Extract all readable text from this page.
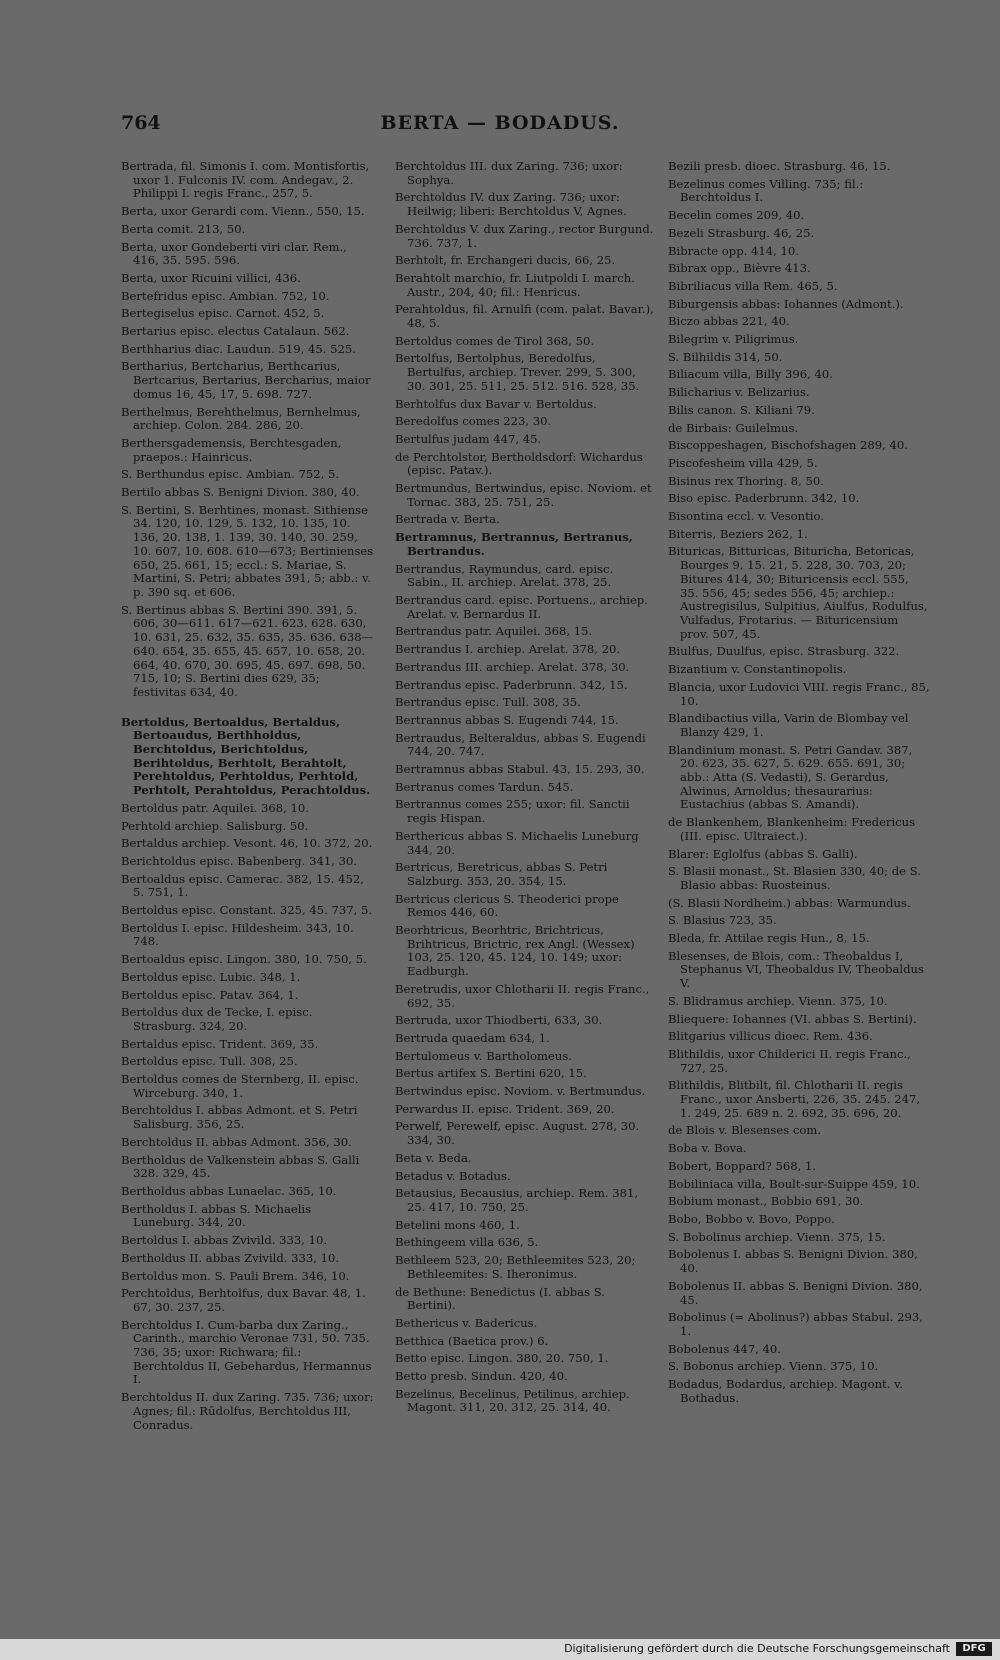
764	BERTA — BODADUS.
Bertrada, fil. Simonis I. com. Montisfortis, uxor 1. Fulconis IV. com. Andegav., 2. Philippi I. regis Franc., 257, 5.
Berta, uxor Gerardi com. Vienn., 550, 15.
Berta comit. 213, 50.
Berta, uxor Gondeberti viri clar. Rem., 416, 35. 595. 596.
Berta, uxor Ricuini villici, 436.
Bertefridus episc. Ambian. 752, 10.
Bertegiselus episc. Carnot. 452, 5.
Bertarius episc. electus Catalaun. 562.
Berthharius diac. Laudun. 519, 45. 525.
Bertharius, Bertcharius, Berthcarius, Bertcarius, Bertarius, Bercharius, maior domus 16, 45, 17, 5. 698. 727.
Berthelmus, Berehthelmus, Bernhelmus, archiep. Colon. 284. 286, 20.
Berthersgademensis, Berchtesgaden, praepos.: Hainricus.
S. Berthundus episc. Ambian. 752, 5.
Bertilo abbas S. Benigni Divion. 380, 40.
S. Bertini, S. Berhtines, monast. Sithiense 34. 120, 10. 129, 5. 132, 10. 135, 10. 136, 20. 138, 1. 139, 30. 140, 30. 259, 10. 607, 10. 608. 610—673; Bertinienses 650, 25. 661, 15; eccl.: S. Mariae, S. Martini, S. Petri; abbates 391, 5; abb.: v. p. 390 sq. et 606.
S. Bertinus abbas S. Bertini 390. 391, 5. 606, 30—611. 617—621. 623. 628. 630, 10. 631, 25. 632, 35. 635, 35. 636. 638—640. 654, 35. 655, 45. 657, 10. 658, 20. 664, 40. 670, 30. 695, 45. 697. 698, 50. 715, 10; S. Bertini dies 629, 35; festivitas 634, 40.
Bertoldus, Bertoaldus, Bertaldus, Bertoaudus, Berthholdus, Berchtoldus, Berichtoldus, Berihtoldus, Berhtolt, Berahtolt, Perehtoldus, Perhtoldus, Perhtold, Perhtolt, Perahtoldus, Perachtoldus.
Bertoldus patr. Aquilei. 368, 10.
Perhtold archiep. Salisburg. 50.
Bertaldus archiep. Vesont. 46, 10. 372, 20.
Berichtoldus episc. Babenberg. 341, 30.
Bertoaldus episc. Camerac. 382, 15. 452, 5. 751, 1.
Bertoldus episc. Constant. 325, 45. 737, 5.
Bertoldus I. episc. Hildesheim. 343, 10. 748.
Bertoaldus episc. Lingon. 380, 10. 750, 5.
Bertoldus episc. Lubic. 348, 1.
Bertoldus episc. Patav. 364, 1.
Bertoldus dux de Tecke, I. episc. Strasburg. 324, 20.
Bertaldus episc. Trident. 369, 35.
Bertoldus episc. Tull. 308, 25.
Bertoldus comes de Sternberg, II. episc. Wirceburg. 340, 1.
Berchtoldus I. abbas Admont. et S. Petri Salisburg. 356, 25.
Berchtoldus II. abbas Admont. 356, 30.
Bertholdus de Valkenstein abbas S. Galli 328. 329, 45.
Bertholdus abbas Lunaelac. 365, 10.
Bertholdus I. abbas S. Michaelis Luneburg. 344, 20.
Bertoldus I. abbas Zvivild. 333, 10.
Bertholdus II. abbas Zvivild. 333, 10.
Bertoldus mon. S. Pauli Brem. 346, 10.
Perchtoldus, Berhtolfus, dux Bavar. 48, 1. 67, 30. 237, 25.
Berchtoldus I. Cum-barba dux Zaring., Carinth., marchio Veronae 731, 50. 735. 736, 35; uxor: Richwara; fil.: Berchtoldus II, Gebehardus, Hermannus I.
Berchtoldus II. dux Zaring. 735. 736; uxor: Agnes; fil.: Rūdolfus, Berchtoldus III, Conradus.
Berchtoldus III. dux Zaring. 736; uxor: Sophya.
Berchtoldus IV. dux Zaring. 736; uxor: Heilwig; liberi: Berchtoldus V, Agnes.
Berchtoldus V. dux Zaring., rector Burgund. 736. 737, 1.
Berhtolt, fr. Erchangeri ducis, 66, 25.
Berahtolt marchio, fr. Liutpoldi I. march. Austr., 204, 40; fil.: Henricus.
Perahtoldus, fil. Arnulfi (com. palat. Bavar.), 48, 5.
Bertoldus comes de Tirol 368, 50.
Bertolfus, Bertolphus, Beredolfus, Bertulfus, archiep. Trever. 299, 5. 300, 30. 301, 25. 511, 25. 512. 516. 528, 35.
Berhtolfus dux Bavar v. Bertoldus.
Beredolfus comes 223, 30.
Bertulfus judam 447, 45.
de Perchtolstor, Bertholdsdorf: Wichardus (episc. Patav.).
Bertmundus, Bertwindus, episc. Noviom. et Tornac. 383, 25. 751, 25.
Bertrada v. Berta.
Bertramnus, Bertrannus, Bertranus, Bertrandus.
Bertrandus, Raymundus, card. episc. Sabin., II. archiep. Arelat. 378, 25.
Bertrandus card. episc. Portuens., archiep. Arelat. v. Bernardus II.
Bertrandus patr. Aquilei. 368, 15.
Bertrandus I. archiep. Arelat. 378, 20.
Bertrandus III. archiep. Arelat. 378, 30.
Bertrandus episc. Paderbrunn. 342, 15.
Bertrandus episc. Tull. 308, 35.
Bertrannus abbas S. Eugendi 744, 15.
Bertraudus, Belteraldus, abbas S. Eugendi 744, 20. 747.
Bertramnus abbas Stabul. 43, 15. 293, 30.
Bertranus comes Tardun. 545.
Bertrannus comes 255; uxor: fil. Sanctii regis Hispan.
Berthericus abbas S. Michaelis Luneburg 344, 20.
Bertricus, Beretricus, abbas S. Petri Salzburg. 353, 20. 354, 15.
Bertricus clericus S. Theoderici prope Remos 446, 60.
Beorhtricus, Beorhtric, Brichtricus, Brihtricus, Brictric, rex Angl. (Wessex) 103, 25. 120, 45. 124, 10. 149; uxor: Eadburgh.
Beretrudis, uxor Chlotharii II. regis Franc., 692, 35.
Bertruda, uxor Thiodberti, 633, 30.
Bertruda quaedam 634, 1.
Bertulomeus v. Bartholomeus.
Bertus artifex S. Bertini 620, 15.
Bertwindus episc. Noviom. v. Bertmundus.
Perwardus II. episc. Trident. 369, 20.
Perwelf, Perewelf, episc. August. 278, 30. 334, 30.
Beta v. Beda.
Betadus v. Botadus.
Betausius, Becausius, archiep. Rem. 381, 25. 417, 10. 750, 25.
Betelini mons 460, 1.
Bethingeem villa 636, 5.
Bethleem 523, 20; Bethleemites 523, 20; Bethleemites: S. Iheronimus.
de Bethune: Benedictus (I. abbas S. Bertini).
Bethericus v. Badericus.
Betthica (Baetica prov.) 6.
Betto episc. Lingon. 380, 20. 750, 1.
Betto presb. Sindun. 420, 40.
Bezelinus, Becelinus, Petilinus, archiep. Magont. 311, 20. 312, 25. 314, 40.
Bezili presb. dioec. Strasburg. 46, 15.
Bezelinus comes Villing. 735; fil.: Berchtoldus I.
Becelin comes 209, 40.
Bezeli Strasburg. 46, 25.
Bibracte opp. 414, 10.
Bibrax opp., Bièvre 413.
Bibriliacus villa Rem. 465, 5.
Biburgensis abbas: Iohannes (Admont.).
Biczo abbas 221, 40.
Bilegrim v. Piligrimus.
S. Bilhildis 314, 50.
Biliacum villa, Billy 396, 40.
Bilicharius v. Belizarius.
Bilis canon. S. Kiliani 79.
de Birbais: Guilelmus.
Biscoppeshagen, Bischofshagen 289, 40.
Piscofesheim villa 429, 5.
Bisinus rex Thoring. 8, 50.
Biso episc. Paderbrunn. 342, 10.
Bisontina eccl. v. Vesontio.
Biterris, Beziers 262, 1.
Bituricas, Bitturicas, Bituricha, Betoricas, Bourges 9, 15. 21, 5. 228, 30. 703, 20; Bitures 414, 30; Bituricensis eccl. 555, 35. 556, 45; sedes 556, 45; archiep.: Austregisilus, Sulpitius, Aiulfus, Rodulfus, Vulfadus, Frotarius. — Bituricensium prov. 507, 45.
Biulfus, Duulfus, episc. Strasburg. 322.
Bizantium v. Constantinopolis.
Blancia, uxor Ludovici VIII. regis Franc., 85, 10.
Blandibactius villa, Varin de Blombay vel Blanzy 429, 1.
Blandinium monast. S. Petri Gandav. 387, 20. 623, 35. 627, 5. 629. 655. 691, 30; abb.: Atta (S. Vedasti), S. Gerardus, Alwinus, Arnoldus; thesaurarius: Eustachius (abbas S. Amandi).
de Blankenhem, Blankenheim: Fredericus (III. episc. Ultraiect.).
Blarer: Eglolfus (abbas S. Galli).
S. Blasii monast., St. Blasien 330, 40; de S. Blasio abbas: Ruosteinus.
(S. Blasii Nordheim.) abbas: Warmundus.
S. Blasius 723, 35.
Bleda, fr. Attilae regis Hun., 8, 15.
Blesenses, de Blois, com.: Theobaldus I, Stephanus VI, Theobaldus IV, Theobaldus V.
S. Blidramus archiep. Vienn. 375, 10.
Bliequere: Iohannes (VI. abbas S. Bertini).
Blitgarius villicus dioec. Rem. 436.
Blithildis, uxor Childerici II. regis Franc., 727, 25.
Blithildis, Blitbilt, fil. Chlotharii II. regis Franc., uxor Ansberti, 226, 35. 245. 247, 1. 249, 25. 689 n. 2. 692, 35. 696, 20.
de Blois v. Blesenses com.
Boba v. Bova.
Bobert, Boppard? 568, 1.
Bobiliniaca villa, Boult-sur-Suippe 459, 10.
Bobium monast., Bobbio 691, 30.
Bobo, Bobbo v. Bovo, Poppo.
S. Bobolinus archiep. Vienn. 375, 15.
Bobolenus I. abbas S. Benigni Divion. 380, 40.
Bobolenus II. abbas S. Benigni Divion. 380, 45.
Bobolinus (= Abolinus?) abbas Stabul. 293, 1.
Bobolenus 447, 40.
S. Bobonus archiep. Vienn. 375, 10.
Bodadus, Bodardus, archiep. Magont. v. Bothadus.
Digitalisierung gefördert durch die Deutsche Forschungsgemeinschaft	DFG
